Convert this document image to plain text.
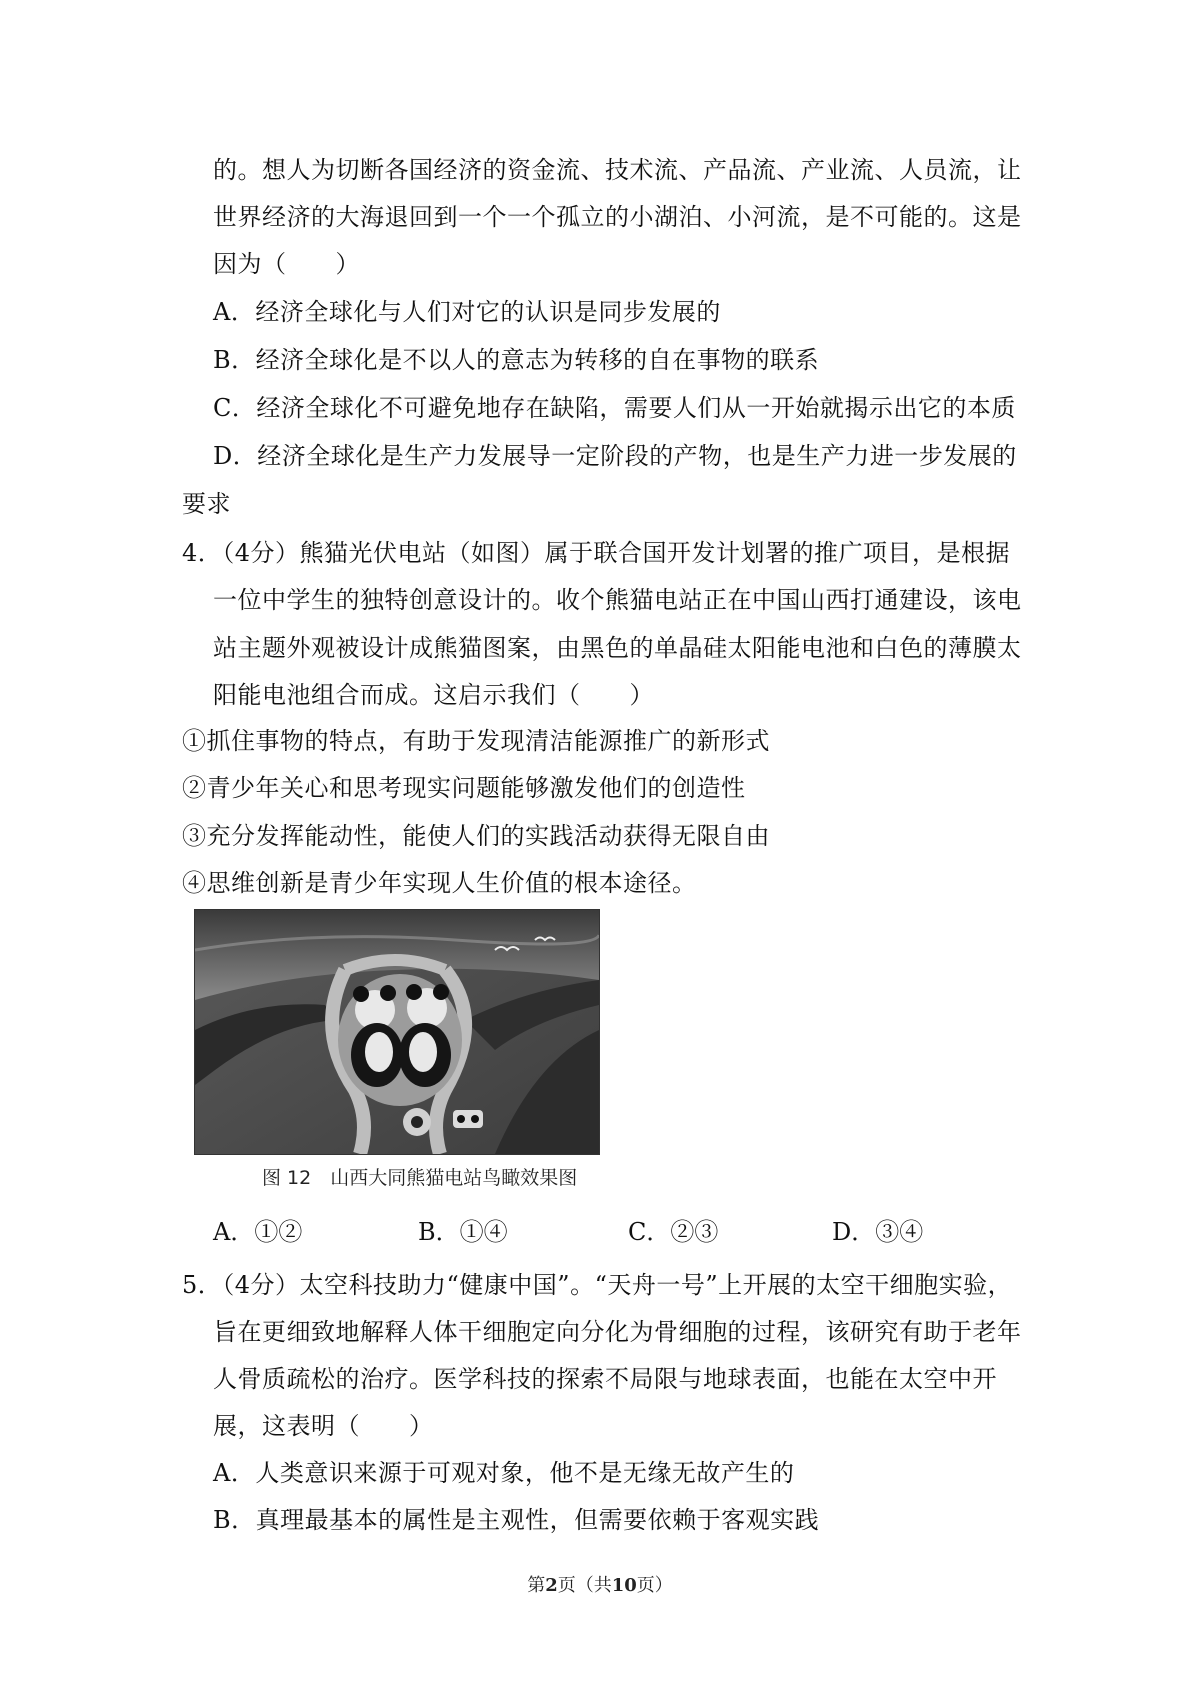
的。想人为切断各国经济的资金流、技术流、产品流、产业流、人员流，让
世界经济的大海退回到一个一个孤立的小湖泊、小河流，是不可能的。这是
因为（　　）
A．经济全球化与人们对它的认识是同步发展的
B．经济全球化是不以人的意志为转移的自在事物的联系
C．经济全球化不可避免地存在缺陷，需要人们从一开始就揭示出它的本质
D．经济全球化是生产力发展导一定阶段的产物，也是生产力进一步发展的
要求
4．（4分）熊猫光伏电站（如图）属于联合国开发计划署的推广项目，是根据
一位中学生的独特创意设计的。收个熊猫电站正在中国山西打通建设，该电
站主题外观被设计成熊猫图案，由黑色的单晶硅太阳能电池和白色的薄膜太
阳能电池组合而成。这启示我们（　　）
①抓住事物的特点，有助于发现清洁能源推广的新形式
②青少年关心和思考现实问题能够激发他们的创造性
③充分发挥能动性，能使人们的实践活动获得无限自由
④思维创新是青少年实现人生价值的根本途径。
图 12　山西大同熊猫电站鸟瞰效果图
A．①②	B．①④	C．②③	D．③④
5．（4分）太空科技助力“健康中国”。“天舟一号”上开展的太空干细胞实验，
旨在更细致地解释人体干细胞定向分化为骨细胞的过程，该研究有助于老年
人骨质疏松的治疗。医学科技的探索不局限与地球表面，也能在太空中开
展，这表明（　　）
A．人类意识来源于可观对象，他不是无缘无故产生的
B．真理最基本的属性是主观性，但需要依赖于客观实践
第2页（共10页）
